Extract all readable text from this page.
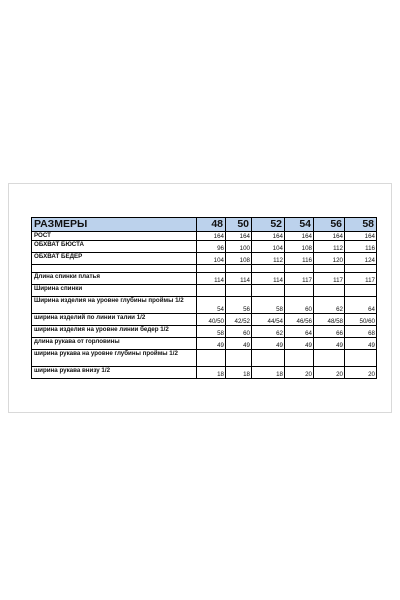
РАЗМЕРЫ	48	50	52	54	56	58
РОСТ	164	164	164	164	164	164
ОБХВАТ БЮСТА	96	100	104	108	112	116
ОБХВАТ БЕДЕР	104	108	112	116	120	124

Длина спинки платья	114	114	114	117	117	117
Ширина спинки						
Ширина изделия на уровне глубины проймы 1/2	54	56	58	60	62	64
ширина изделий по линии талии 1/2	40/50	42/52	44/54	46/56	48/58	50/60
ширина изделия на уровне линии бедер 1/2	58	60	62	64	66	68
длина рукава от горловины	49	49	49	49	49	49
ширина рукава на уровне глубины проймы 1/2						
ширина рукава внизу 1/2	18	18	18	20	20	20
